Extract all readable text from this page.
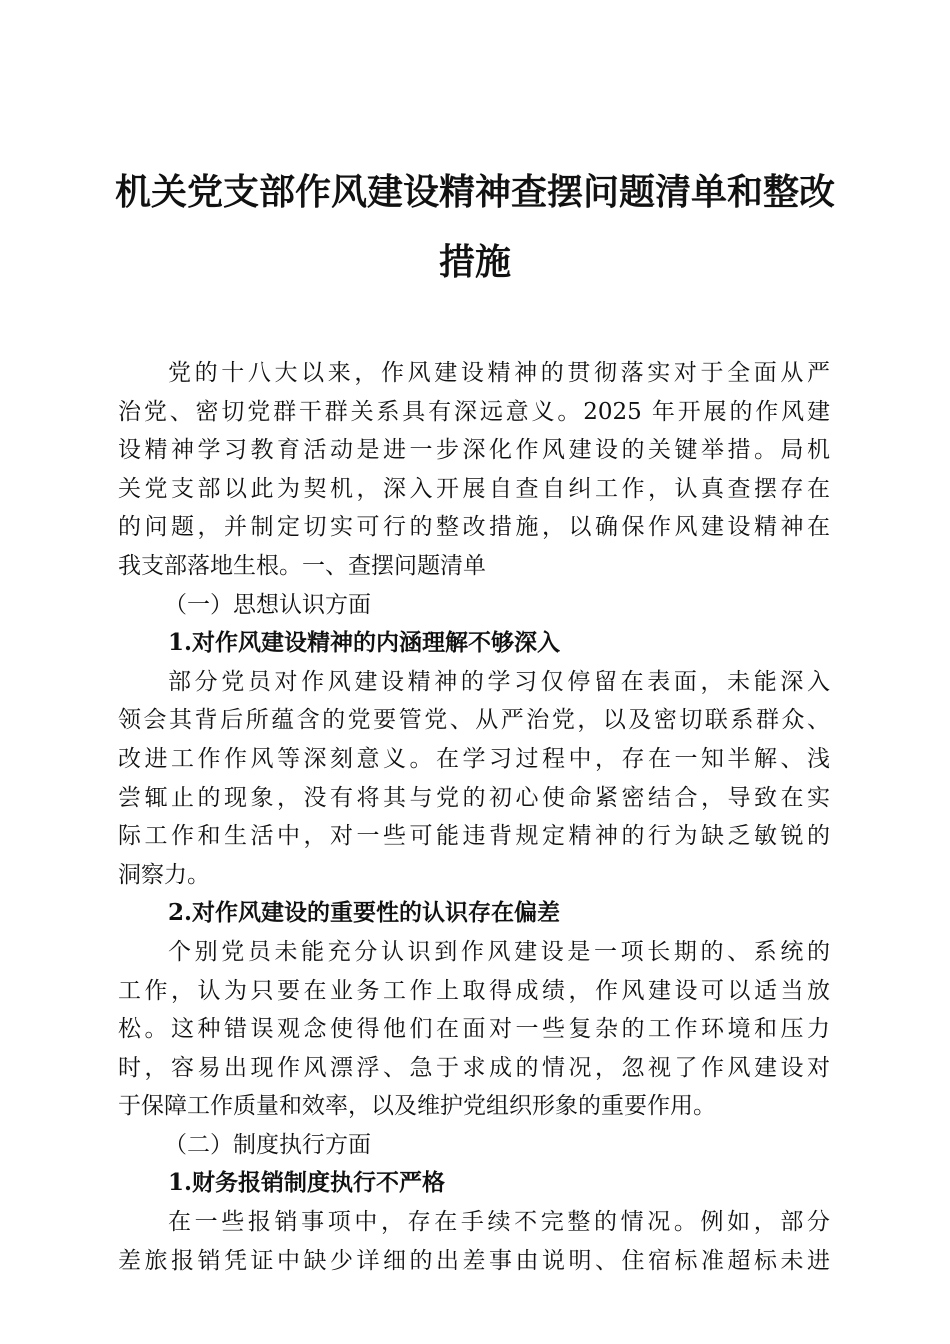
机关党支部作风建设精神查摆问题清单和整改
措施
党的十八大以来，作风建设精神的贯彻落实对于全面从严
治党、密切党群干群关系具有深远意义。2025 年开展的作风建
设精神学习教育活动是进一步深化作风建设的关键举措。局机
关党支部以此为契机，深入开展自查自纠工作，认真查摆存在
的问题，并制定切实可行的整改措施，以确保作风建设精神在
我支部落地生根。一、查摆问题清单
（一）思想认识方面
1.对作风建设精神的内涵理解不够深入
部分党员对作风建设精神的学习仅停留在表面，未能深入
领会其背后所蕴含的党要管党、从严治党，以及密切联系群众、
改进工作作风等深刻意义。在学习过程中，存在一知半解、浅
尝辄止的现象，没有将其与党的初心使命紧密结合，导致在实
际工作和生活中，对一些可能违背规定精神的行为缺乏敏锐的
洞察力。
2.对作风建设的重要性的认识存在偏差
个别党员未能充分认识到作风建设是一项长期的、系统的
工作，认为只要在业务工作上取得成绩，作风建设可以适当放
松。这种错误观念使得他们在面对一些复杂的工作环境和压力
时，容易出现作风漂浮、急于求成的情况，忽视了作风建设对
于保障工作质量和效率，以及维护党组织形象的重要作用。
（二）制度执行方面
1.财务报销制度执行不严格
在一些报销事项中，存在手续不完整的情况。例如，部分
差旅报销凭证中缺少详细的出差事由说明、住宿标准超标未进
